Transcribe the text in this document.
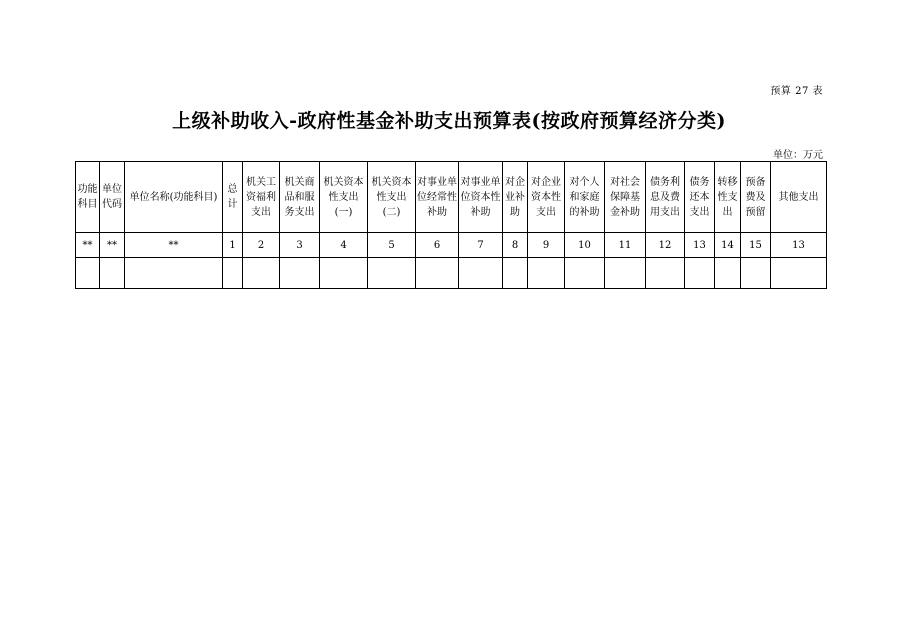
预算 27 表
上级补助收入-政府性基金补助支出预算表(按政府预算经济分类)
单位：万元
功能科目	单位代码	单位名称(功能科目)	总计	机关工资福利支出	机关商品和服务支出	机关资本性支出(一)	机关资本性支出(二)	对事业单位经常性补助	对事业单位资本性补助	对企业补助	对企业资本性支出	对个人和家庭的补助	对社会保障基金补助	债务利息及费用支出	债务还本支出	转移性支出	预备费及预留	其他支出
**	**	**	1	2	3	4	5	6	7	8	9	10	11	12	13	14	15	13
